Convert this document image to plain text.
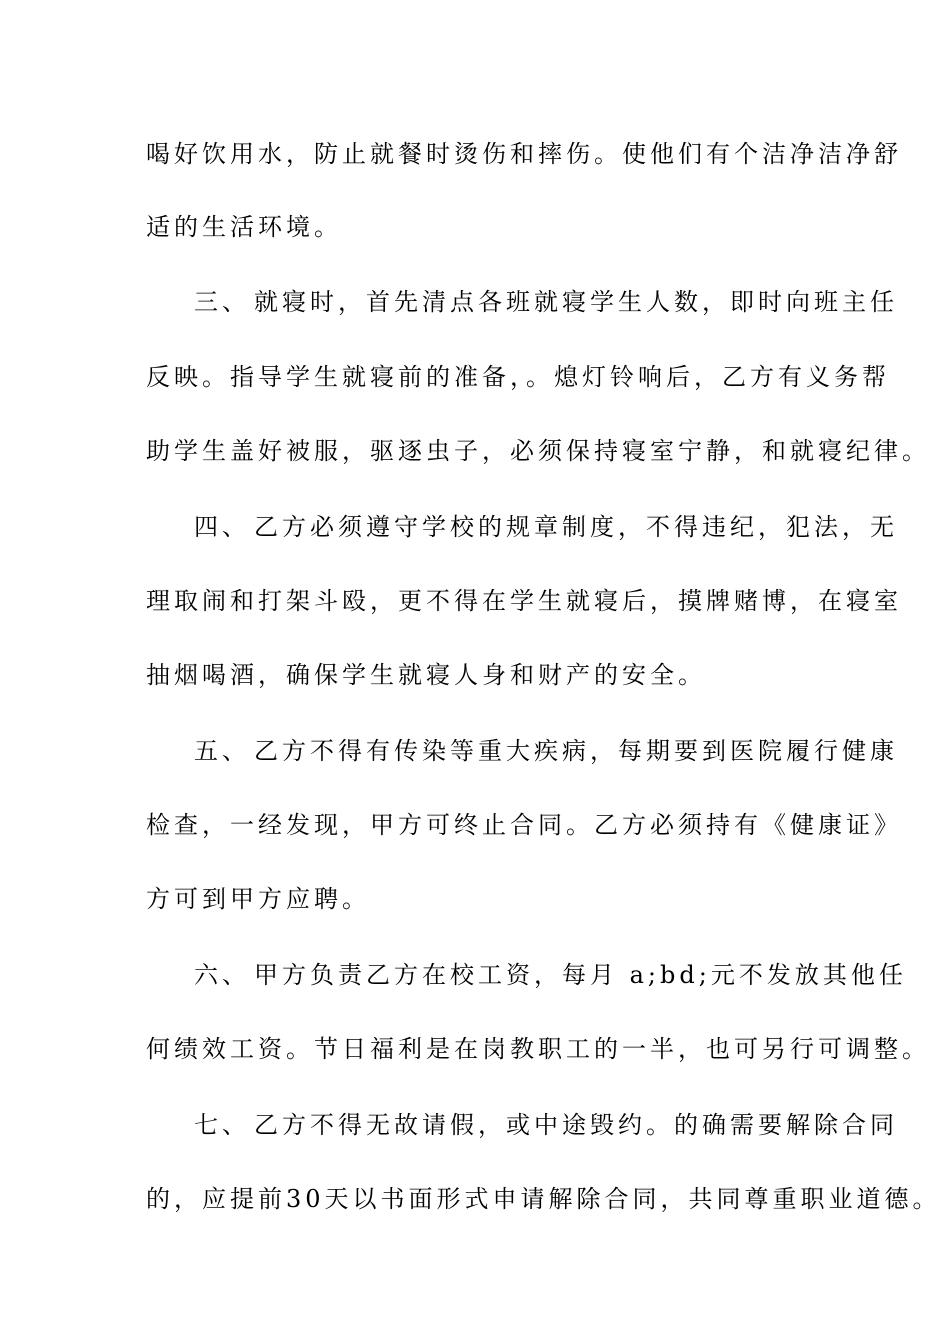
喝好饮用水，防止就餐时烫伤和摔伤。使他们有个洁净洁净舒
适的生活环境。
三、 就寝时，首先清点各班就寝学生人数，即时向班主任
反映。指导学生就寝前的准备，。熄灯铃响后，乙方有义务帮
助学生盖好被服，驱逐虫子，必须保持寝室宁静，和就寝纪律。
四、 乙方必须遵守学校的规章制度，不得违纪，犯法，无
理取闹和打架斗殴，更不得在学生就寝后，摸牌赌博，在寝室
抽烟喝酒，确保学生就寝人身和财产的安全。
五、 乙方不得有传染等重大疾病，每期要到医院履行健康
检查，一经发现，甲方可终止合同。乙方必须持有《健康证》
方可到甲方应聘。
六、 甲方负责乙方在校工资，每月 a;bd;元不发放其他任
何绩效工资。节日福利是在岗教职工的一半，也可另行可调整。
七、 乙方不得无故请假，或中途毁约。的确需要解除合同
的，应提前30天以书面形式申请解除合同，共同尊重职业道德。
